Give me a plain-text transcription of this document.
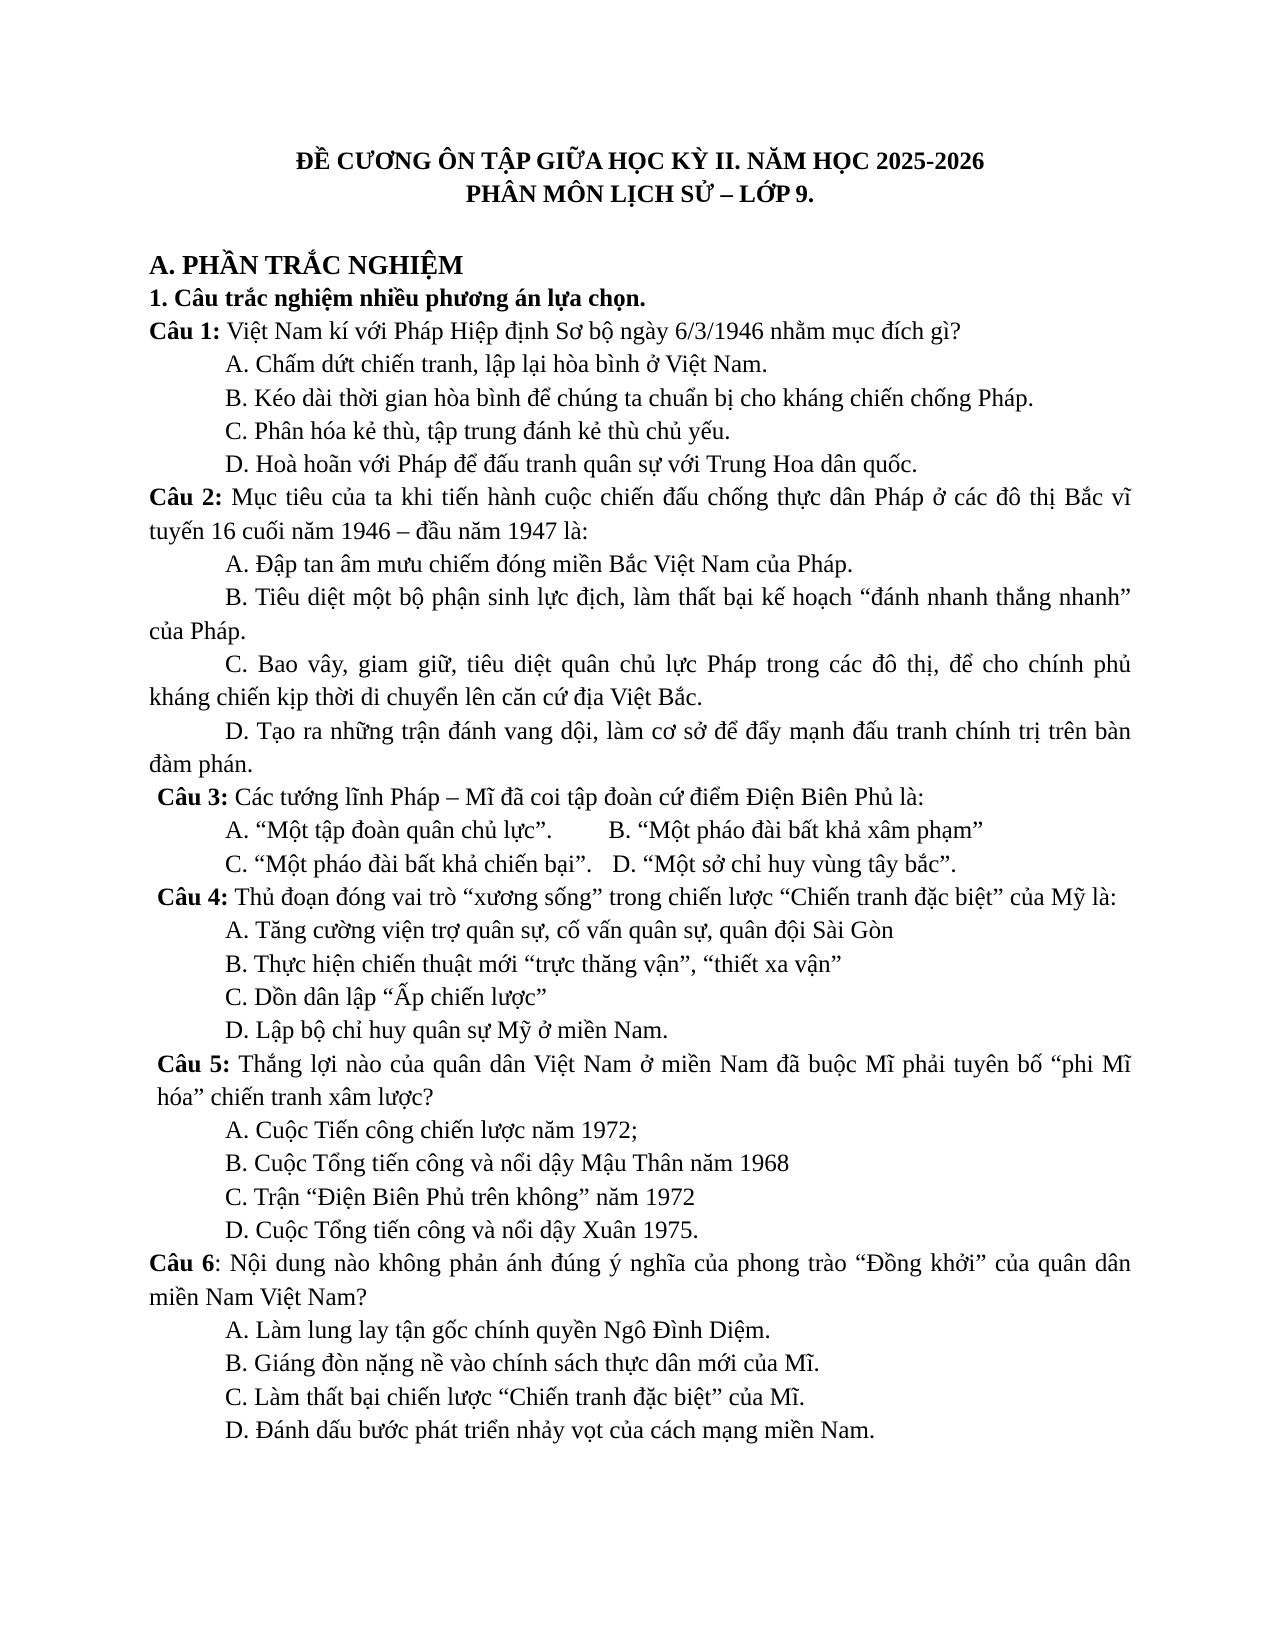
ĐỀ CƯƠNG ÔN TẬP GIỮA HỌC KỲ II. NĂM HỌC 2025-2026

PHÂN MÔN LỊCH SỬ – LỚP 9.

A. PHẦN TRẮC NGHIỆM

1. Câu trắc nghiệm nhiều phương án lựa chọn.

Câu 1: Việt Nam kí với Pháp Hiệp định Sơ bộ ngày 6/3/1946 nhằm mục đích gì?

A. Chấm dứt chiến tranh, lập lại hòa bình ở Việt Nam.

B. Kéo dài thời gian hòa bình để chúng ta chuẩn bị cho kháng chiến chống Pháp.

C. Phân hóa kẻ thù, tập trung đánh kẻ thù chủ yếu.

D. Hoà hoãn với Pháp để đấu tranh quân sự với Trung Hoa dân quốc.

Câu 2: Mục tiêu của ta khi tiến hành cuộc chiến đấu chống thực dân Pháp ở các đô thị Bắc vĩ tuyến 16 cuối năm 1946 – đầu năm 1947 là:

A. Đập tan âm mưu chiếm đóng miền Bắc Việt Nam của Pháp.

B. Tiêu diệt một bộ phận sinh lực địch, làm thất bại kế hoạch “đánh nhanh thắng nhanh” của Pháp.

C. Bao vây, giam giữ, tiêu diệt quân chủ lực Pháp trong các đô thị, để cho chính phủ kháng chiến kịp thời di chuyển lên căn cứ địa Việt Bắc.

D. Tạo ra những trận đánh vang dội, làm cơ sở để đẩy mạnh đấu tranh chính trị trên bàn đàm phán.

Câu 3: Các tướng lĩnh Pháp – Mĩ đã coi tập đoàn cứ điểm Điện Biên Phủ là:

A. “Một tập đoàn quân chủ lực”. B. “Một pháo đài bất khả xâm phạm”

C. “Một pháo đài bất khả chiến bại”. D. “Một sở chỉ huy vùng tây bắc”.

Câu 4: Thủ đoạn đóng vai trò “xương sống” trong chiến lược “Chiến tranh đặc biệt” của Mỹ là:

A. Tăng cường viện trợ quân sự, cố vấn quân sự, quân đội Sài Gòn

B. Thực hiện chiến thuật mới “trực thăng vận”, “thiết xa vận”

C. Dồn dân lập “Ấp chiến lược”

D. Lập bộ chỉ huy quân sự Mỹ ở miền Nam.

Câu 5: Thắng lợi nào của quân dân Việt Nam ở miền Nam đã buộc Mĩ phải tuyên bố “phi Mĩ hóa” chiến tranh xâm lược?

A. Cuộc Tiến công chiến lược năm 1972;

B. Cuộc Tổng tiến công và nổi dậy Mậu Thân năm 1968

C. Trận “Điện Biên Phủ trên không” năm 1972

D. Cuộc Tổng tiến công và nổi dậy Xuân 1975.

Câu 6: Nội dung nào không phản ánh đúng ý nghĩa của phong trào “Đồng khởi” của quân dân miền Nam Việt Nam?

A. Làm lung lay tận gốc chính quyền Ngô Đình Diệm.

B. Giáng đòn nặng nề vào chính sách thực dân mới của Mĩ.

C. Làm thất bại chiến lược “Chiến tranh đặc biệt” của Mĩ.

D. Đánh dấu bước phát triển nhảy vọt của cách mạng miền Nam.
